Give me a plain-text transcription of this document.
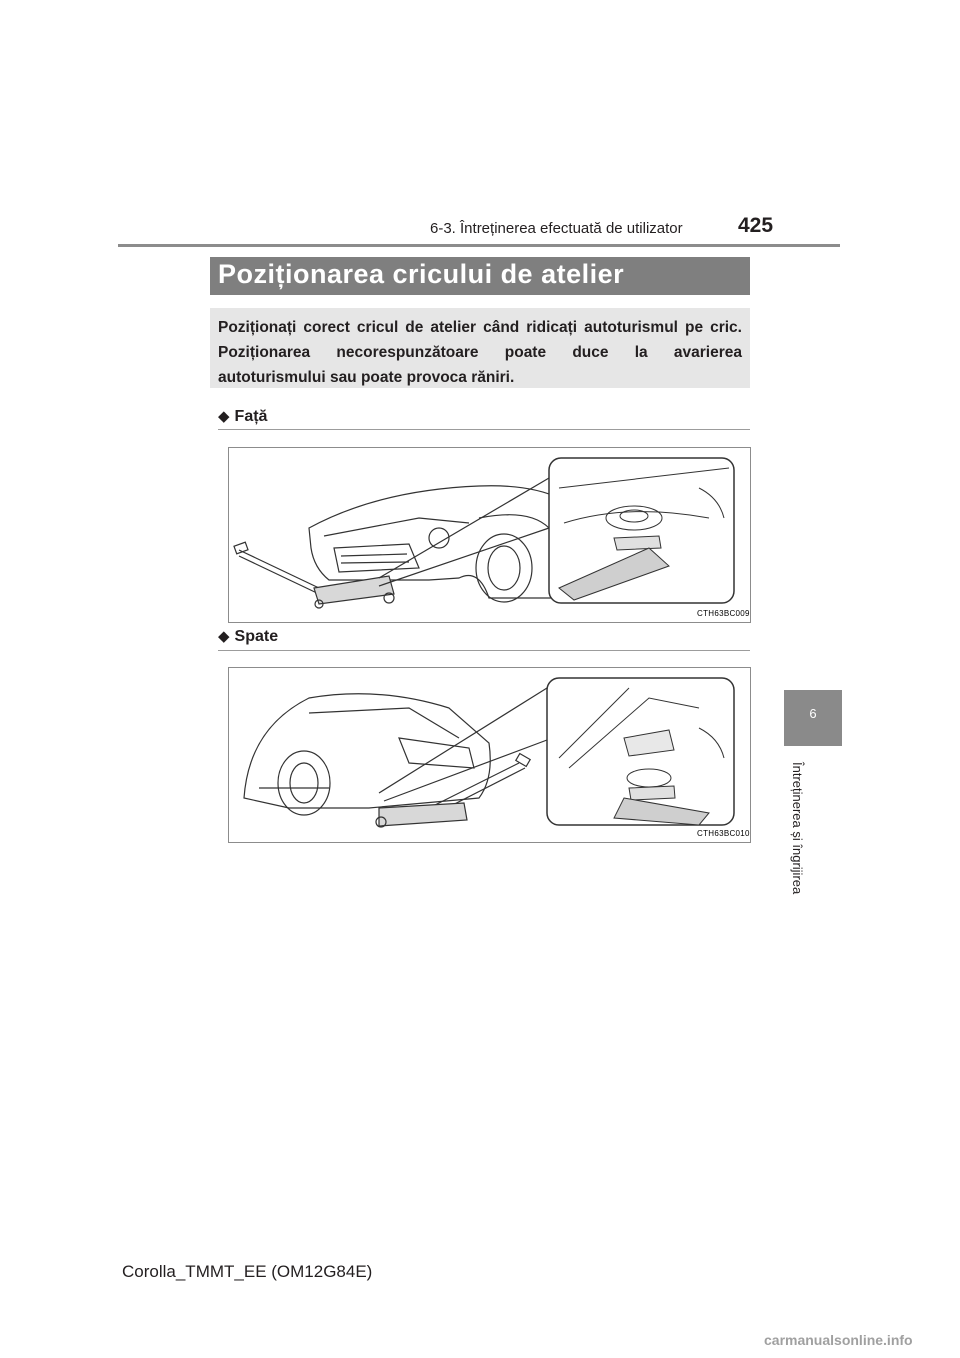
6-3. Întreținerea efectuată de utilizator	425
6
Întreținerea și îngrijirea
Poziționarea cricului de atelier
Poziționați corect cricul de atelier când ridicați autoturismul pe cric. Poziționarea necorespunzătoare poate duce la avarierea autoturismului sau poate provoca răniri.
◆ Față
CTH63BC009
◆ Spate
CTH63BC010
Corolla_TMMT_EE (OM12G84E)
carmanualsonline.info
